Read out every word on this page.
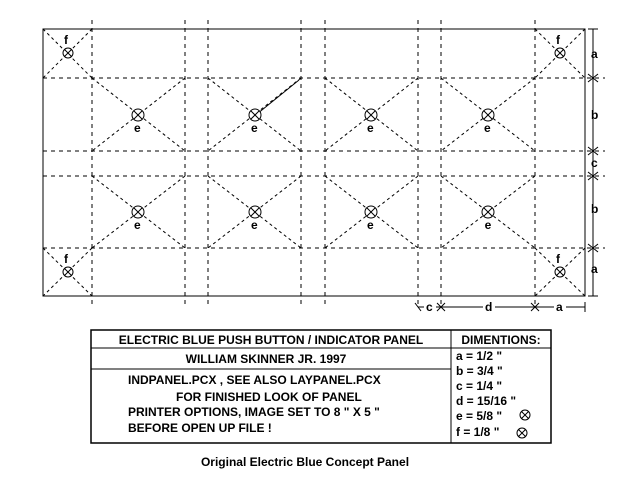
f	f
f	f
e	e	e	e
e	e	e	e
a
b
c
b
a
c	d	a
ELECTRIC BLUE PUSH BUTTON / INDICATOR PANEL	DIMENTIONS:
WILLIAM SKINNER JR. 1997
INDPANEL.PCX , SEE ALSO LAYPANEL.PCX
FOR FINISHED LOOK OF PANEL
PRINTER OPTIONS, IMAGE SET TO 8 " X 5 "
BEFORE OPEN UP FILE !
a = 1/2 "
b = 3/4 "
c = 1/4 "
d = 15/16 "
e = 5/8 "
f = 1/8 "
Original Electric Blue Concept Panel
